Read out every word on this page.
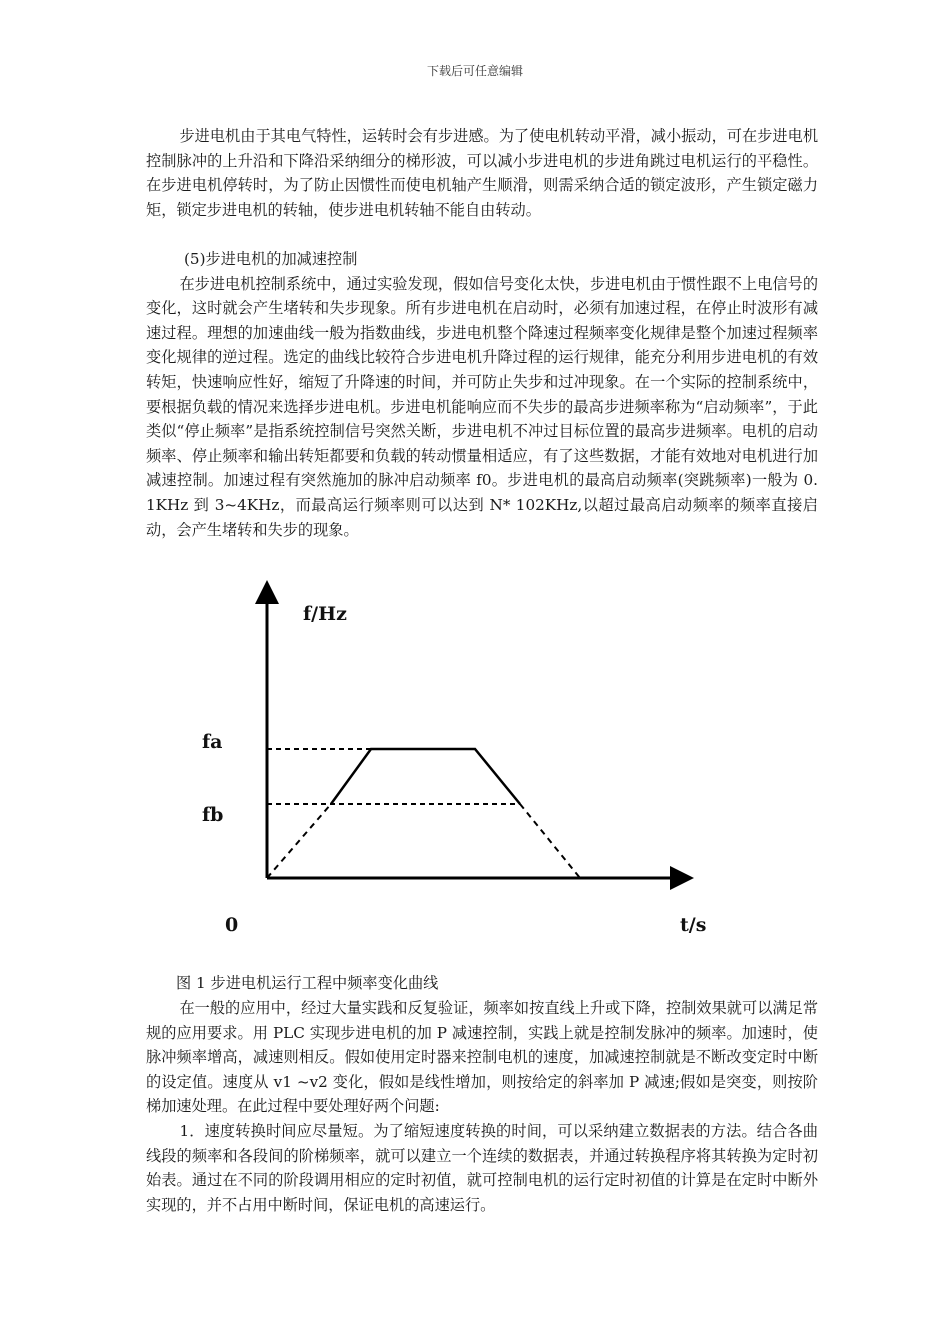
下载后可任意编辑

步进电机由于其电气特性，运转时会有步进感。为了使电机转动平滑，减小振动，可在步进电机控制脉冲的上升沿和下降沿采纳细分的梯形波，可以减小步进电机的步进角跳过电机运行的平稳性。在步进电机停转时，为了防止因惯性而使电机轴产生顺滑，则需采纳合适的锁定波形，产生锁定磁力矩，锁定步进电机的转轴，使步进电机转轴不能自由转动。

(5)步进电机的加减速控制

在步进电机控制系统中，通过实验发现，假如信号变化太快，步进电机由于惯性跟不上电信号的变化，这时就会产生堵转和失步现象。所有步进电机在启动时，必须有加速过程，在停止时波形有减速过程。理想的加速曲线一般为指数曲线，步进电机整个降速过程频率变化规律是整个加速过程频率变化规律的逆过程。选定的曲线比较符合步进电机升降过程的运行规律，能充分利用步进电机的有效转矩，快速响应性好，缩短了升降速的时间，并可防止失步和过冲现象。在一个实际的控制系统中，要根据负载的情况来选择步进电机。步进电机能响应而不失步的最高步进频率称为“启动频率”，于此类似“停止频率”是指系统控制信号突然关断，步进电机不冲过目标位置的最高步进频率。电机的启动频率、停止频率和输出转矩都要和负载的转动惯量相适应，有了这些数据，才能有效地对电机进行加减速控制。加速过程有突然施加的脉冲启动频率 f0。步进电机的最高启动频率(突跳频率)一般为 0. 1KHz 到 3~4KHz，而最高运行频率则可以达到 N* 102KHz,以超过最高启动频率的频率直接启动，会产生堵转和失步的现象。

f/Hz
fa
fb
0	t/s
图 1 步进电机运行工程中频率变化曲线

在一般的应用中，经过大量实践和反复验证，频率如按直线上升或下降，控制效果就可以满足常规的应用要求。用 PLC 实现步进电机的加 P 减速控制，实践上就是控制发脉冲的频率。加速时，使脉冲频率增高，减速则相反。假如使用定时器来控制电机的速度，加减速控制就是不断改变定时中断的设定值。速度从 v1 ~v2 变化，假如是线性增加，则按给定的斜率加 P 减速;假如是突变，则按阶梯加速处理。在此过程中要处理好两个问题:

1．速度转换时间应尽量短。为了缩短速度转换的时间，可以采纳建立数据表的方法。结合各曲线段的频率和各段间的阶梯频率，就可以建立一个连续的数据表，并通过转换程序将其转换为定时初始表。通过在不同的阶段调用相应的定时初值，就可控制电机的运行定时初值的计算是在定时中断外实现的，并不占用中断时间，保证电机的高速运行。
